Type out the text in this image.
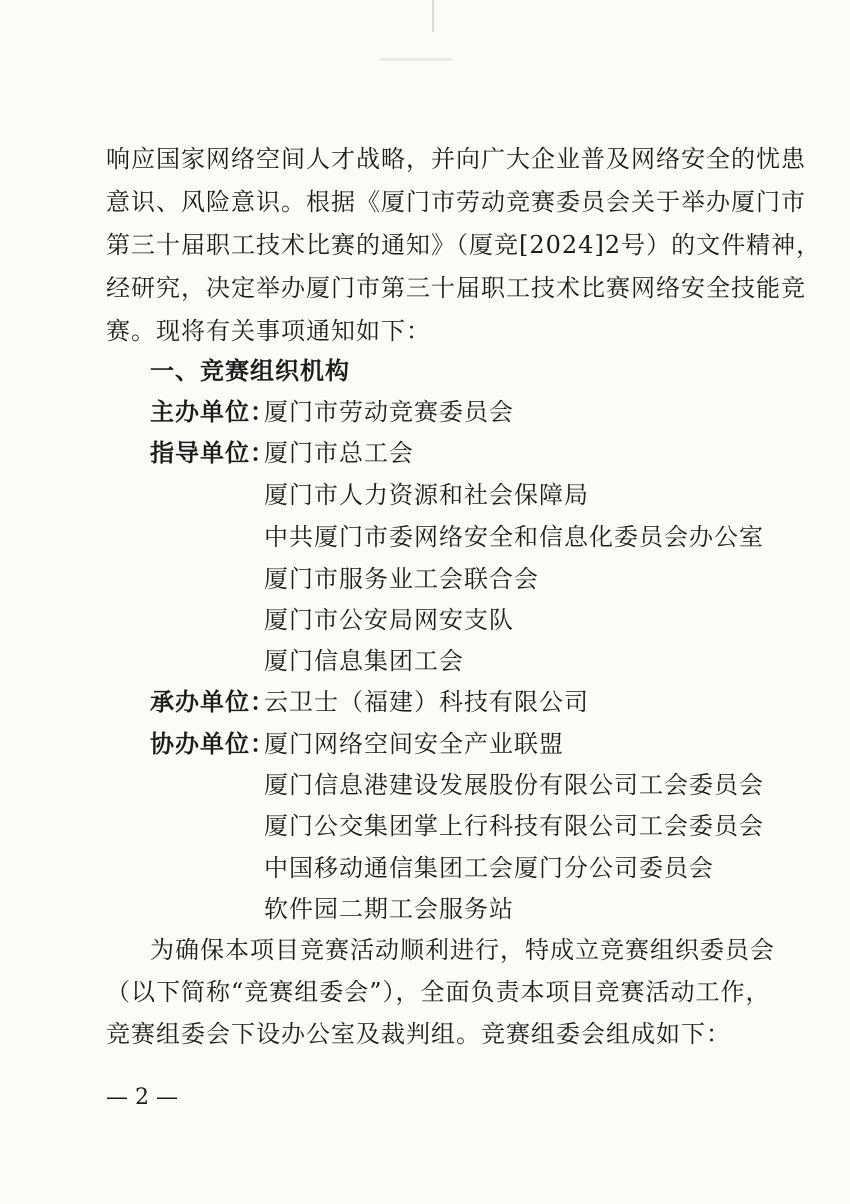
响应国家网络空间人才战略，并向广大企业普及网络安全的忧患
意识、风险意识。根据《厦门市劳动竞赛委员会关于举办厦门市
第三十届职工技术比赛的通知》（厦竞[2024]2号）的文件精神，
经研究，决定举办厦门市第三十届职工技术比赛网络安全技能竞
赛。现将有关事项通知如下：
一、竞赛组织机构
主办单位：
厦门市劳动竞赛委员会
指导单位：
厦门市总工会
厦门市人力资源和社会保障局
中共厦门市委网络安全和信息化委员会办公室
厦门市服务业工会联合会
厦门市公安局网安支队
厦门信息集团工会
承办单位：
云卫士（福建）科技有限公司
协办单位：
厦门网络空间安全产业联盟
厦门信息港建设发展股份有限公司工会委员会
厦门公交集团掌上行科技有限公司工会委员会
中国移动通信集团工会厦门分公司委员会
软件园二期工会服务站
为确保本项目竞赛活动顺利进行，特成立竞赛组织委员会
（以下简称“竞赛组委会”），全面负责本项目竞赛活动工作，
竞赛组委会下设办公室及裁判组。竞赛组委会组成如下：
— 2 —
